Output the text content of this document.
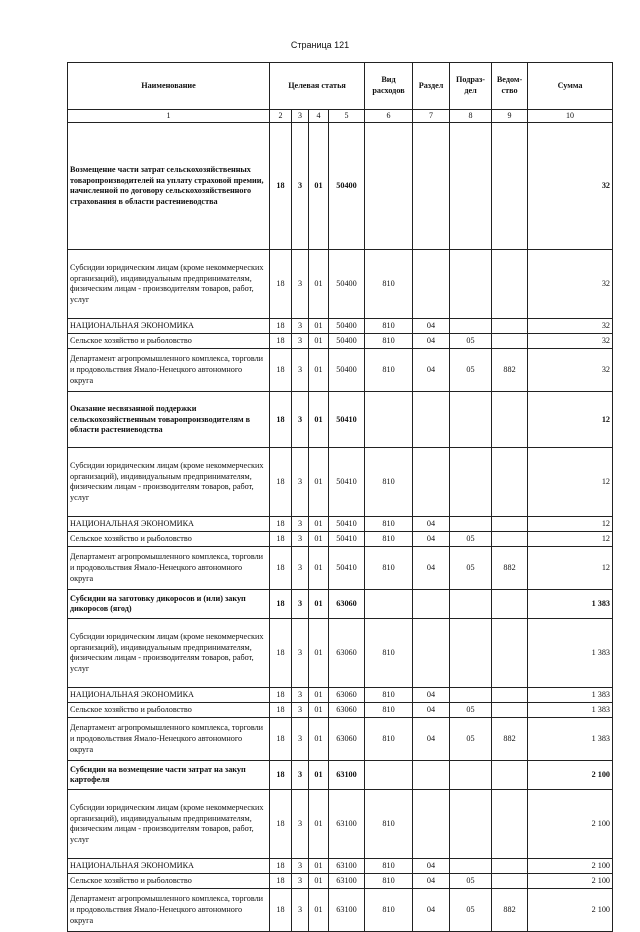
Страница 121
Наименование	Целевая статья				Вид расходов	Раздел	Подраз-дел	Ведом-ство	Сумма
1	2	3	4	5	6	7	8	9	10
Возмещение части затрат сельскохозяйственных товаропроизводителей на уплату страховой премии, начисленной по договору сельскохозяйственного страхования в области растениеводства	18	3	01	50400					32
Субсидии юридическим лицам (кроме некоммерческих организаций), индивидуальным предпринимателям, физическим лицам - производителям товаров, работ, услуг	18	3	01	50400	810				32
НАЦИОНАЛЬНАЯ ЭКОНОМИКА	18	3	01	50400	810	04			32
Сельское хозяйство и рыболовство	18	3	01	50400	810	04	05		32
Департамент агропромышленного комплекса, торговли и продовольствия Ямало-Ненецкого автономного округа	18	3	01	50400	810	04	05	882	32
Оказание несвязанной поддержки сельскохозяйственным товаропроизводителям в области растениеводства	18	3	01	50410					12
Субсидии юридическим лицам (кроме некоммерческих организаций), индивидуальным предпринимателям, физическим лицам - производителям товаров, работ, услуг	18	3	01	50410	810				12
НАЦИОНАЛЬНАЯ ЭКОНОМИКА	18	3	01	50410	810	04			12
Сельское хозяйство и рыболовство	18	3	01	50410	810	04	05		12
Департамент агропромышленного комплекса, торговли и продовольствия Ямало-Ненецкого автономного округа	18	3	01	50410	810	04	05	882	12
Субсидии на заготовку дикоросов и (или) закуп дикоросов (ягод)	18	3	01	63060					1 383
Субсидии юридическим лицам (кроме некоммерческих организаций), индивидуальным предпринимателям, физическим лицам - производителям товаров, работ, услуг	18	3	01	63060	810				1 383
НАЦИОНАЛЬНАЯ ЭКОНОМИКА	18	3	01	63060	810	04			1 383
Сельское хозяйство и рыболовство	18	3	01	63060	810	04	05		1 383
Департамент агропромышленного комплекса, торговли и продовольствия Ямало-Ненецкого автономного округа	18	3	01	63060	810	04	05	882	1 383
Субсидии на возмещение части затрат на закуп картофеля	18	3	01	63100					2 100
Субсидии юридическим лицам (кроме некоммерческих организаций), индивидуальным предпринимателям, физическим лицам - производителям товаров, работ, услуг	18	3	01	63100	810				2 100
НАЦИОНАЛЬНАЯ ЭКОНОМИКА	18	3	01	63100	810	04			2 100
Сельское хозяйство и рыболовство	18	3	01	63100	810	04	05		2 100
Департамент агропромышленного комплекса, торговли и продовольствия Ямало-Ненецкого автономного округа	18	3	01	63100	810	04	05	882	2 100
